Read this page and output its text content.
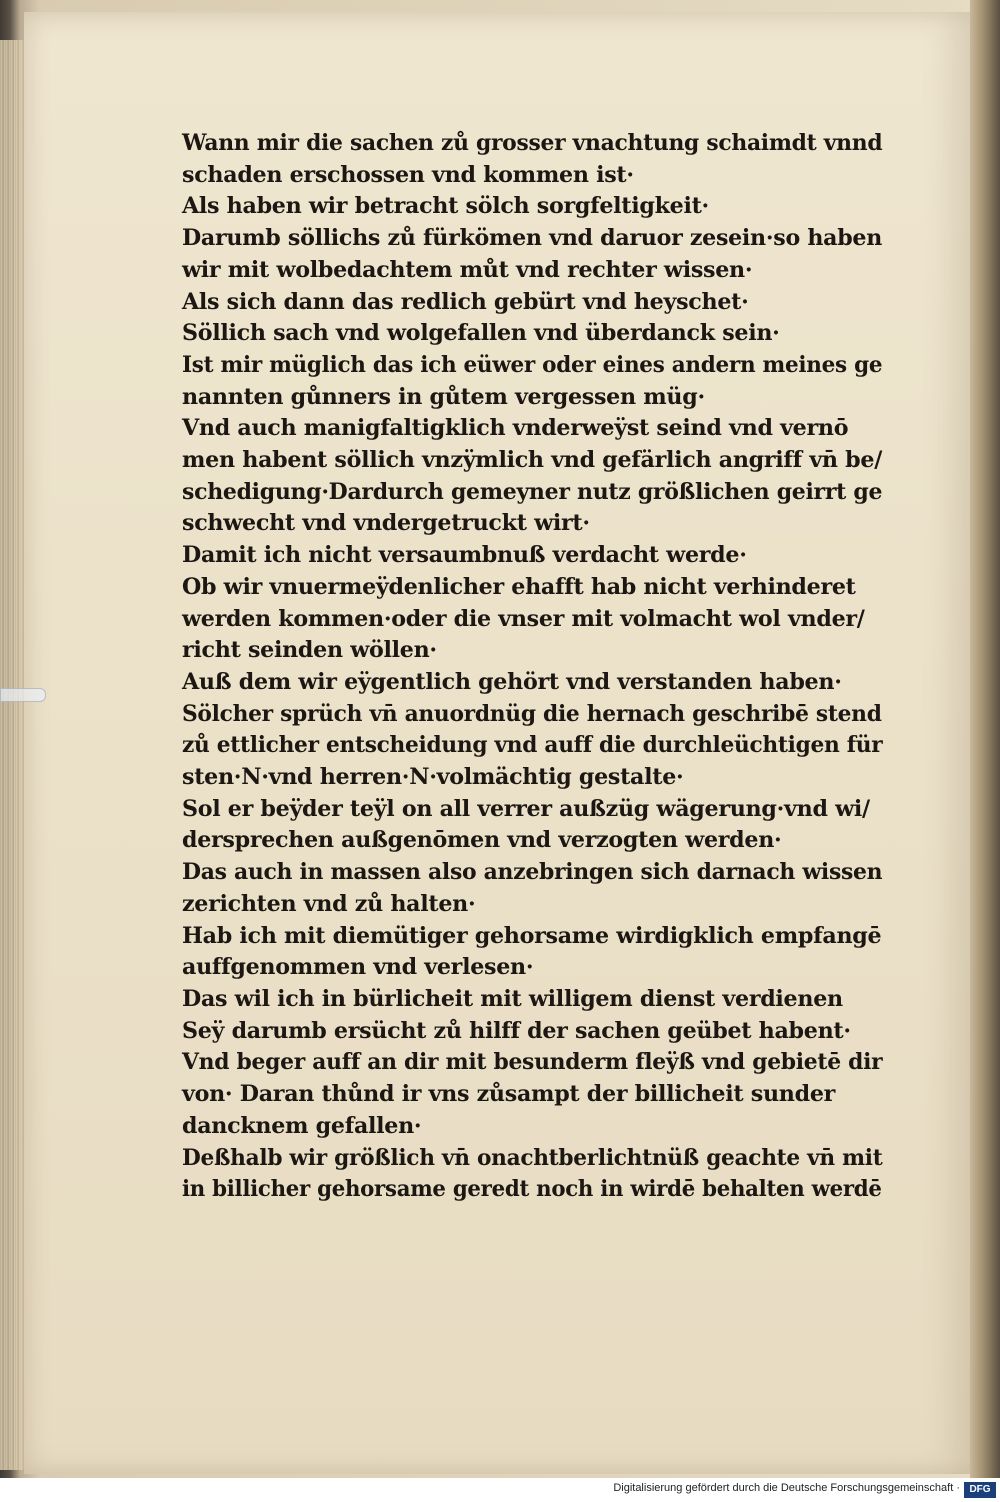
Wann mir die sachen zů grosser vnachtung schaimdt vnnd
schaden erschossen vnd kommen ist·
Als haben wir betracht sölch sorgfeltigkeit·
Darumb söllichs zů fürkömen vnd daruor zesein·so haben
wir mit wolbedachtem můt vnd rechter wissen·
Als sich dann das redlich gebürt vnd heyschet·
Söllich sach vnd wolgefallen vnd überdanck sein·
Ist mir müglich das ich eüwer oder eines andern meines ge
nannten gůnners in gůtem vergessen müg·
Vnd auch manigfaltigklich vnderweÿst seind vnd vernō
men habent söllich vnzÿmlich vnd gefärlich angriff vn̄ be/
schedigung·Dardurch gemeyner nutz größlichen geirrt ge
schwecht vnd vndergetruckt wirt·
Damit ich nicht versaumbnuß verdacht werde·
Ob wir vnuermeÿdenlicher ehafft hab nicht verhinderet
werden kommen·oder die vnser mit volmacht wol vnder/
richt seinden wöllen·
Auß dem wir eÿgentlich gehört vnd verstanden haben·
Sölcher sprüch vn̄ anuordnüg die hernach geschribē stend
zů ettlicher entscheidung vnd auff die durchleüchtigen für
sten·N·vnd herren·N·volmächtig gestalte·
Sol er beÿder teÿl on all verrer außzüg wägerung·vnd wi/
dersprechen außgenōmen vnd verzogten werden·
Das auch in massen also anzebringen sich darnach wissen
zerichten vnd zů halten·
Hab ich mit diemütiger gehorsame wirdigklich empfangē
auffgenommen vnd verlesen·
Das wil ich in bürlicheit mit willigem dienst verdienen
Seÿ darumb ersücht zů hilff der sachen geübet habent·
Vnd beger auff an dir mit besunderm fleÿß vnd gebietē dir
von· Daran thůnd ir vns zůsampt der billicheit sunder
dancknem gefallen·
Deßhalb wir größlich vn̄ onachtberlichtnüß geachte vn̄ mit
in billicher gehorsame geredt noch in wirdē behalten werdē
Digitalisierung gefördert durch die Deutsche Forschungsgemeinschaft · DFG
